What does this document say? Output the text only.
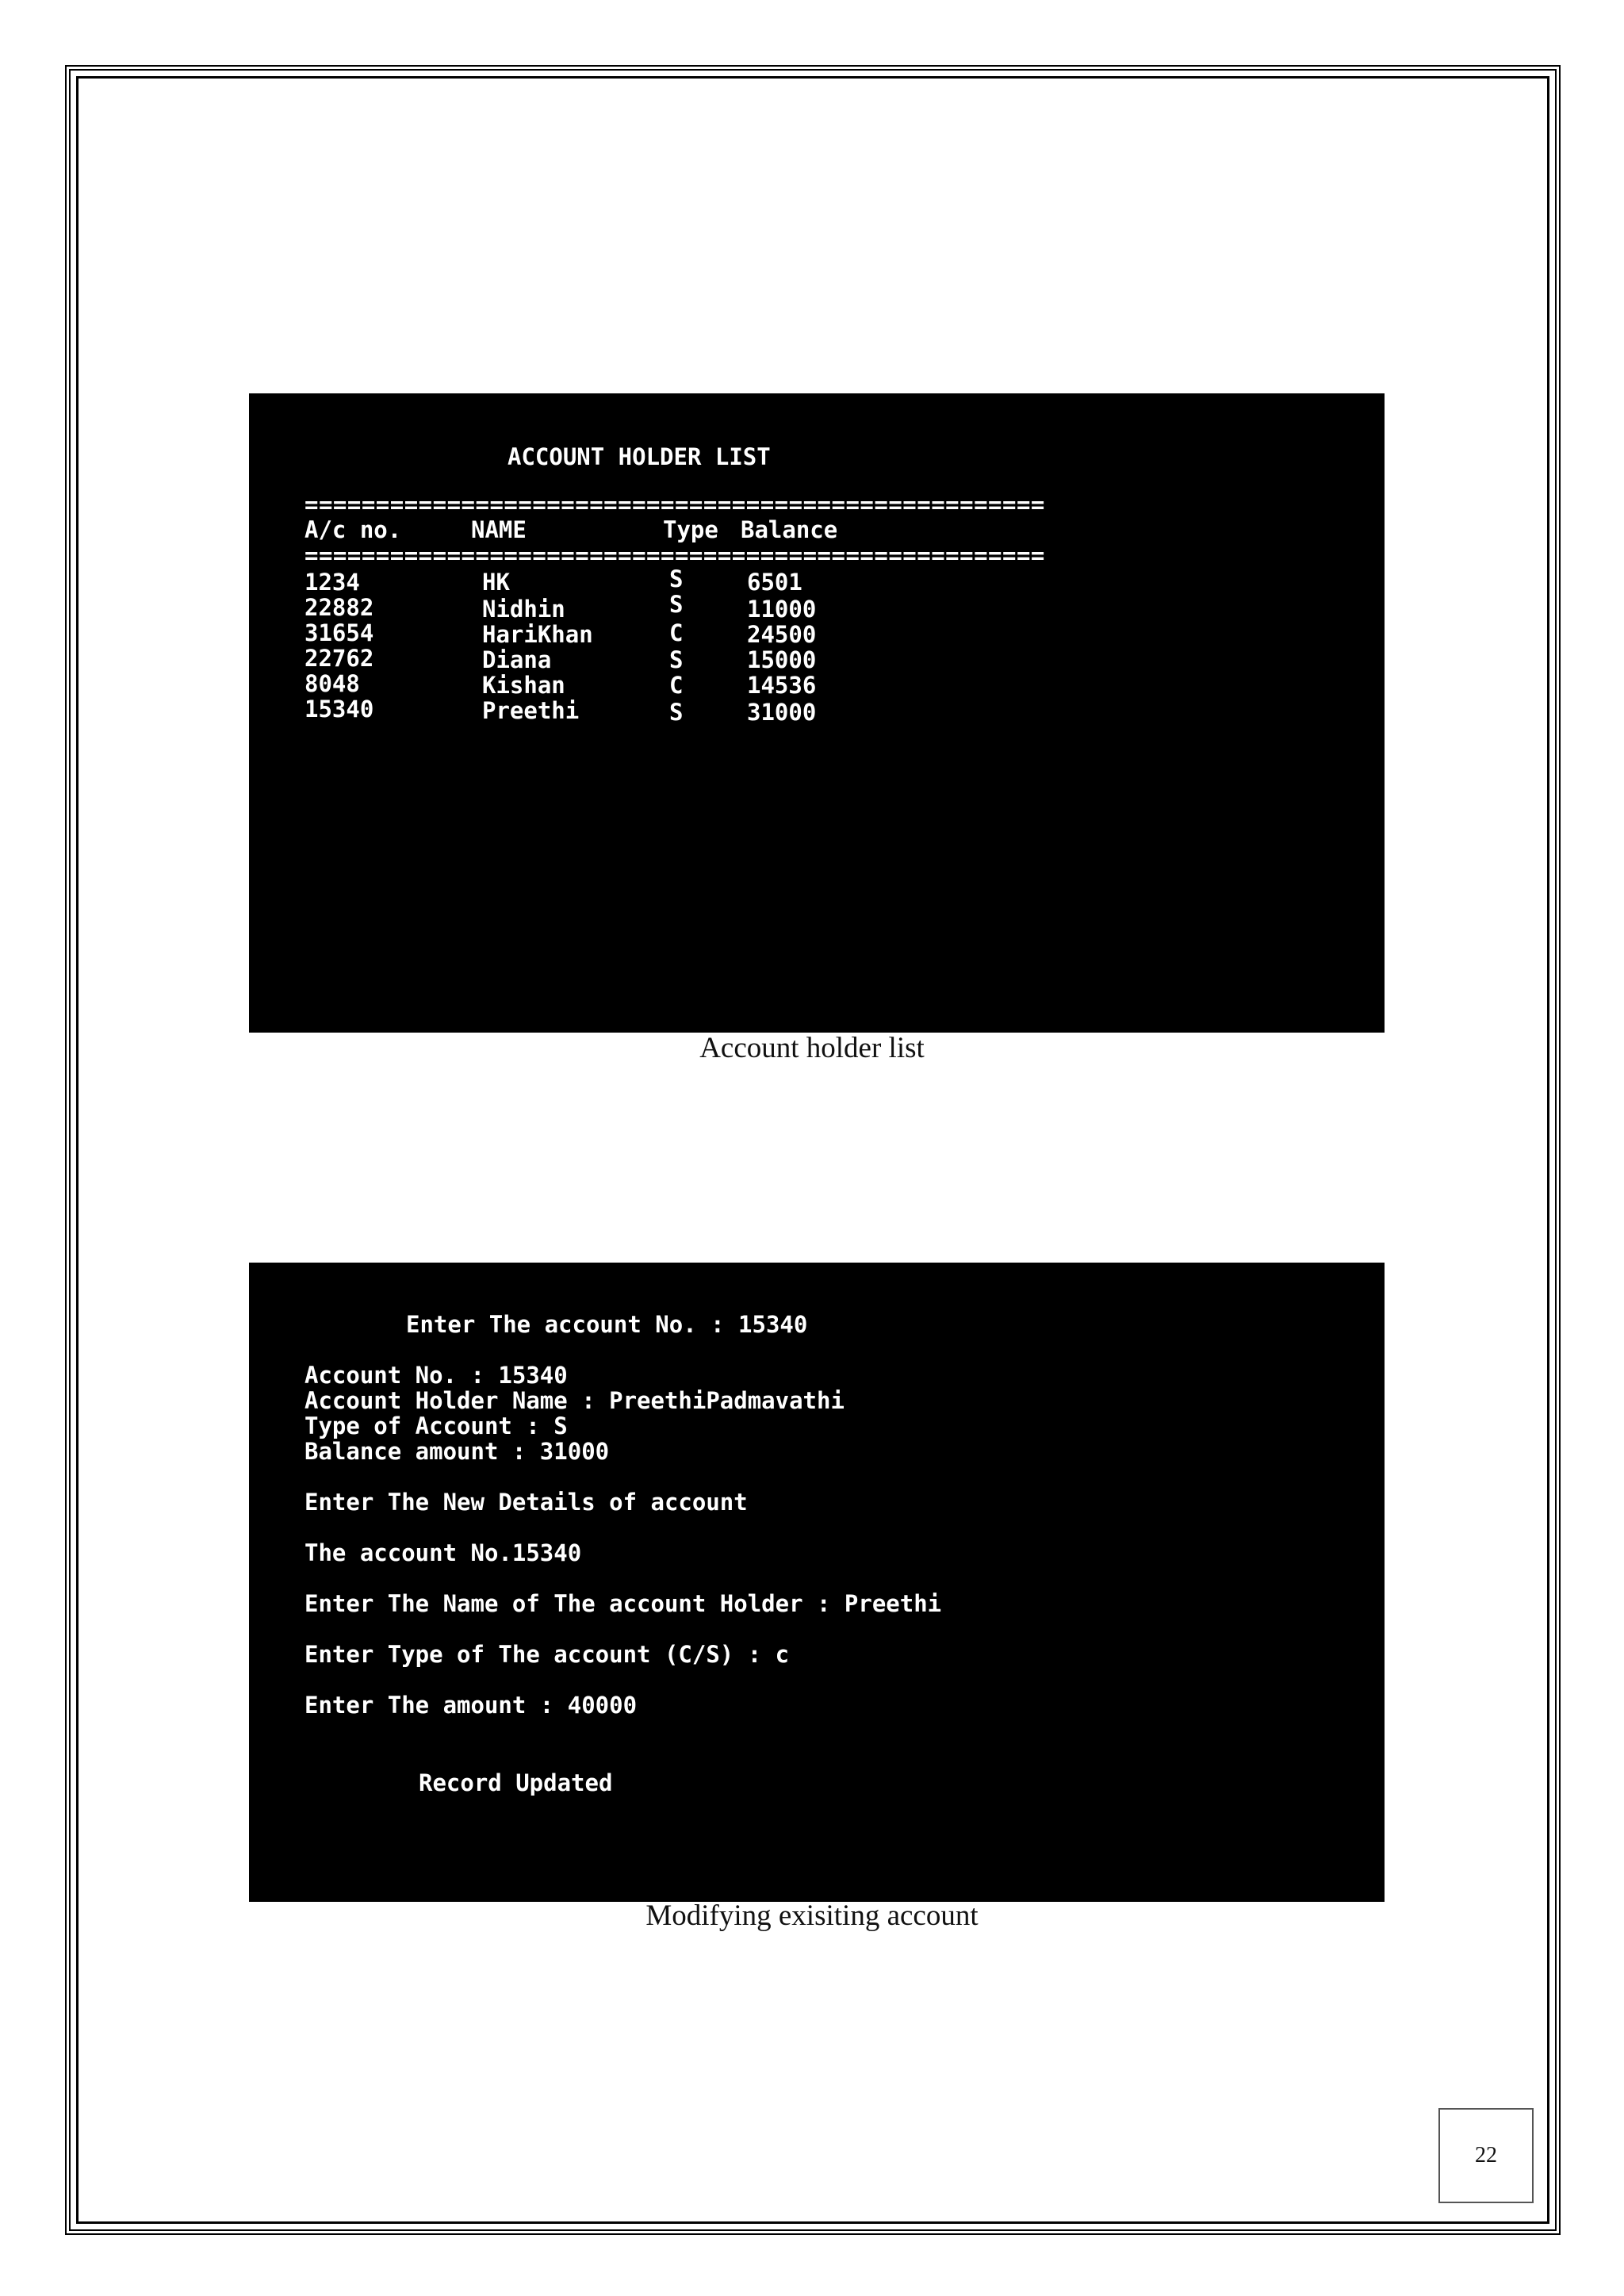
ACCOUNT HOLDER LIST
====================================================
A/c no.	NAME	Type Balance
====================================================
1234	HK	S	6501
22882	Nidhin	S	11000
31654	HariKhan	C	24500
22762	Diana	S	15000
8048	Kishan	C	14536
15340	Preethi	S	31000
Account holder list
Enter The account No. : 15340
Account No. : 15340
Account Holder Name : PreethiPadmavathi
Type of Account : S
Balance amount : 31000
Enter The New Details of account
The account No.15340
Enter The Name of The account Holder : Preethi
Enter Type of The account (C/S) : c
Enter The amount : 40000
Record Updated
Modifying exisiting account
22
